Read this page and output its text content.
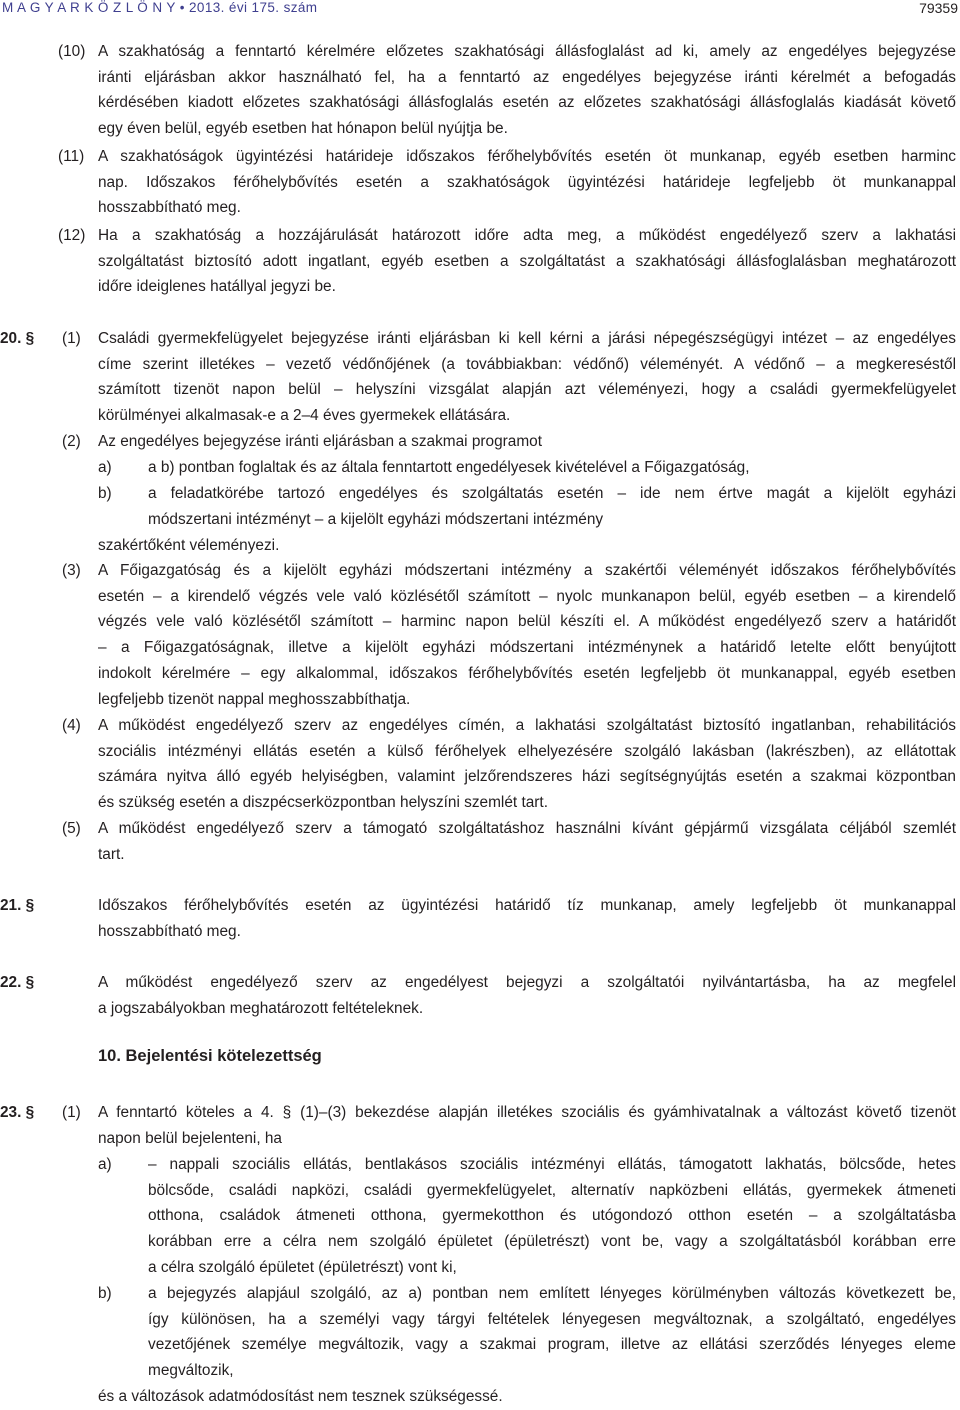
M A G Y A R K Ö Z L Ö N Y • 2013. évi 175. szám	79359
(10) A szakhatóság a fenntartó kérelmére előzetes szakhatósági állásfoglalást ad ki, amely az engedélyes bejegyzése
iránti eljárásban akkor használható fel, ha a fenntartó az engedélyes bejegyzése iránti kérelmét a befogadás
kérdésében kiadott előzetes szakhatósági állásfoglalás esetén az előzetes szakhatósági állásfoglalás kiadását követő
egy éven belül, egyéb esetben hat hónapon belül nyújtja be.
(11) A szakhatóságok ügyintézési határideje időszakos férőhelybővítés esetén öt munkanap, egyéb esetben harminc
nap. Időszakos férőhelybővítés esetén a szakhatóságok ügyintézési határideje legfeljebb öt munkanappal
hosszabbítható meg.
(12) Ha a szakhatóság a hozzájárulását határozott időre adta meg, a működést engedélyező szerv a lakhatási
szolgáltatást biztosító adott ingatlant, egyéb esetben a szolgáltatást a szakhatósági állásfoglalásban meghatározott
időre ideiglenes hatállyal jegyzi be.
20. §	(1)	Családi gyermekfelügyelet bejegyzése iránti eljárásban ki kell kérni a járási népegészségügyi intézet – az engedélyes
címe szerint illetékes – vezető védőnőjének (a továbbiakban: védőnő) véleményét. A védőnő – a megkereséstől
számított tizenöt napon belül – helyszíni vizsgálat alapján azt véleményezi, hogy a családi gyermekfelügyelet
körülményei alkalmasak-e a 2–4 éves gyermekek ellátására.
(2)	Az engedélyes bejegyzése iránti eljárásban a szakmai programot
a)	a b) pontban foglaltak és az általa fenntartott engedélyesek kivételével a Főigazgatóság,
b)	a feladatkörébe tartozó engedélyes és szolgáltatás esetén – ide nem értve magát a kijelölt egyházi
módszertani intézményt – a kijelölt egyházi módszertani intézmény
szakértőként véleményezi.
(3)	A Főigazgatóság és a kijelölt egyházi módszertani intézmény a szakértői véleményét időszakos férőhelybővítés
esetén – a kirendelő végzés vele való közlésétől számított – nyolc munkanapon belül, egyéb esetben – a kirendelő
végzés vele való közlésétől számított – harminc napon belül készíti el. A működést engedélyező szerv a határidőt
– a Főigazgatóságnak, illetve a kijelölt egyházi módszertani intézménynek a határidő letelte előtt benyújtott
indokolt kérelmére – egy alkalommal, időszakos férőhelybővítés esetén legfeljebb öt munkanappal, egyéb esetben
legfeljebb tizenöt nappal meghosszabbíthatja.
(4)	A működést engedélyező szerv az engedélyes címén, a lakhatási szolgáltatást biztosító ingatlanban, rehabilitációs
szociális intézményi ellátás esetén a külső férőhelyek elhelyezésére szolgáló lakásban (lakrészben), az ellátottak
számára nyitva álló egyéb helyiségben, valamint jelzőrendszeres házi segítségnyújtás esetén a szakmai központban
és szükség esetén a diszpécserközpontban helyszíni szemlét tart.
(5)	A működést engedélyező szerv a támogató szolgáltatáshoz használni kívánt gépjármű vizsgálata céljából szemlét
tart.
21. §	Időszakos férőhelybővítés esetén az ügyintézési határidő tíz munkanap, amely legfeljebb öt munkanappal
hosszabbítható meg.
22. §	A működést engedélyező szerv az engedélyest bejegyzi a szolgáltatói nyilvántartásba, ha az megfelel
a jogszabályokban meghatározott feltételeknek.
10. Bejelentési kötelezettség
23. §	(1)	A fenntartó köteles a 4. § (1)–(3) bekezdése alapján illetékes szociális és gyámhivatalnak a változást követő tizenöt
napon belül bejelenteni, ha
a)	– nappali szociális ellátás, bentlakásos szociális intézményi ellátás, támogatott lakhatás, bölcsőde, hetes
bölcsőde, családi napközi, családi gyermekfelügyelet, alternatív napközbeni ellátás, gyermekek átmeneti
otthona, családok átmeneti otthona, gyermekotthon és utógondozó otthon esetén – a szolgáltatásba
korábban erre a célra nem szolgáló épületet (épületrészt) vont be, vagy a szolgáltatásból korábban erre
a célra szolgáló épületet (épületrészt) vont ki,
b)	a bejegyzés alapjául szolgáló, az a) pontban nem említett lényeges körülményben változás következett be,
így különösen, ha a személyi vagy tárgyi feltételek lényegesen megváltoznak, a szolgáltató, engedélyes
vezetőjének személye megváltozik, vagy a szakmai program, illetve az ellátási szerződés lényeges eleme
megváltozik,
és a változások adatmódosítást nem tesznek szükségessé.
